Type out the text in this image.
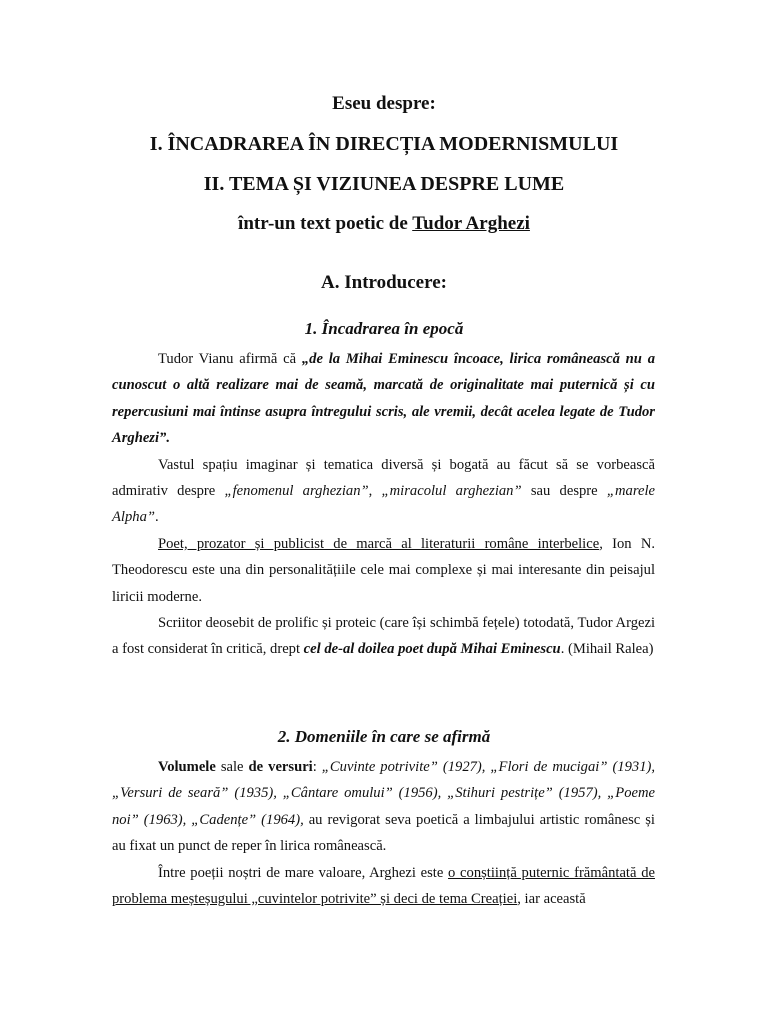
Eseu despre:
I. ÎNCADRAREA ÎN DIRECȚIA MODERNISMULUI
II. TEMA ȘI VIZIUNEA DESPRE LUME
într-un text poetic de Tudor Arghezi
A. Introducere:
1. Încadrarea în epocă

Tudor Vianu afirmă că „de la Mihai Eminescu încoace, lirica românească nu a cunoscut o altă realizare mai de seamă, marcată de originalitate mai puternică și cu repercusiuni mai întinse asupra întregului scris, ale vremii, decât acelea legate de Tudor Arghezi”.

Vastul spațiu imaginar și tematica diversă și bogată au făcut să se vorbească admirativ despre „fenomenul arghezian”, „miracolul arghezian” sau despre „marele Alpha”.

Poet, prozator și publicist de marcă al literaturii române interbelice, Ion N. Theodorescu este una din personalitățiile cele mai complexe și mai interesante din peisajul liricii moderne.

Scriitor deosebit de prolific și proteic (care își schimbă fețele) totodată, Tudor Argezi a fost considerat în critică, drept cel de-al doilea poet după Mihai Eminescu. (Mihail Ralea)

2. Domeniile în care se afirmă

Volumele sale de versuri: „Cuvinte potrivite” (1927), „Flori de mucigai” (1931), „Versuri de seară” (1935), „Cântare omului” (1956), „Stihuri pestrițe” (1957), „Poeme noi” (1963), „Cadențe” (1964), au revigorat seva poetică a limbajului artistic românesc și au fixat un punct de reper în lirica românească.

Între poeții noștri de mare valoare, Arghezi este o conștiință puternic frământată de problema meșteșugului „cuvintelor potrivite” și deci de tema Creației, iar această
